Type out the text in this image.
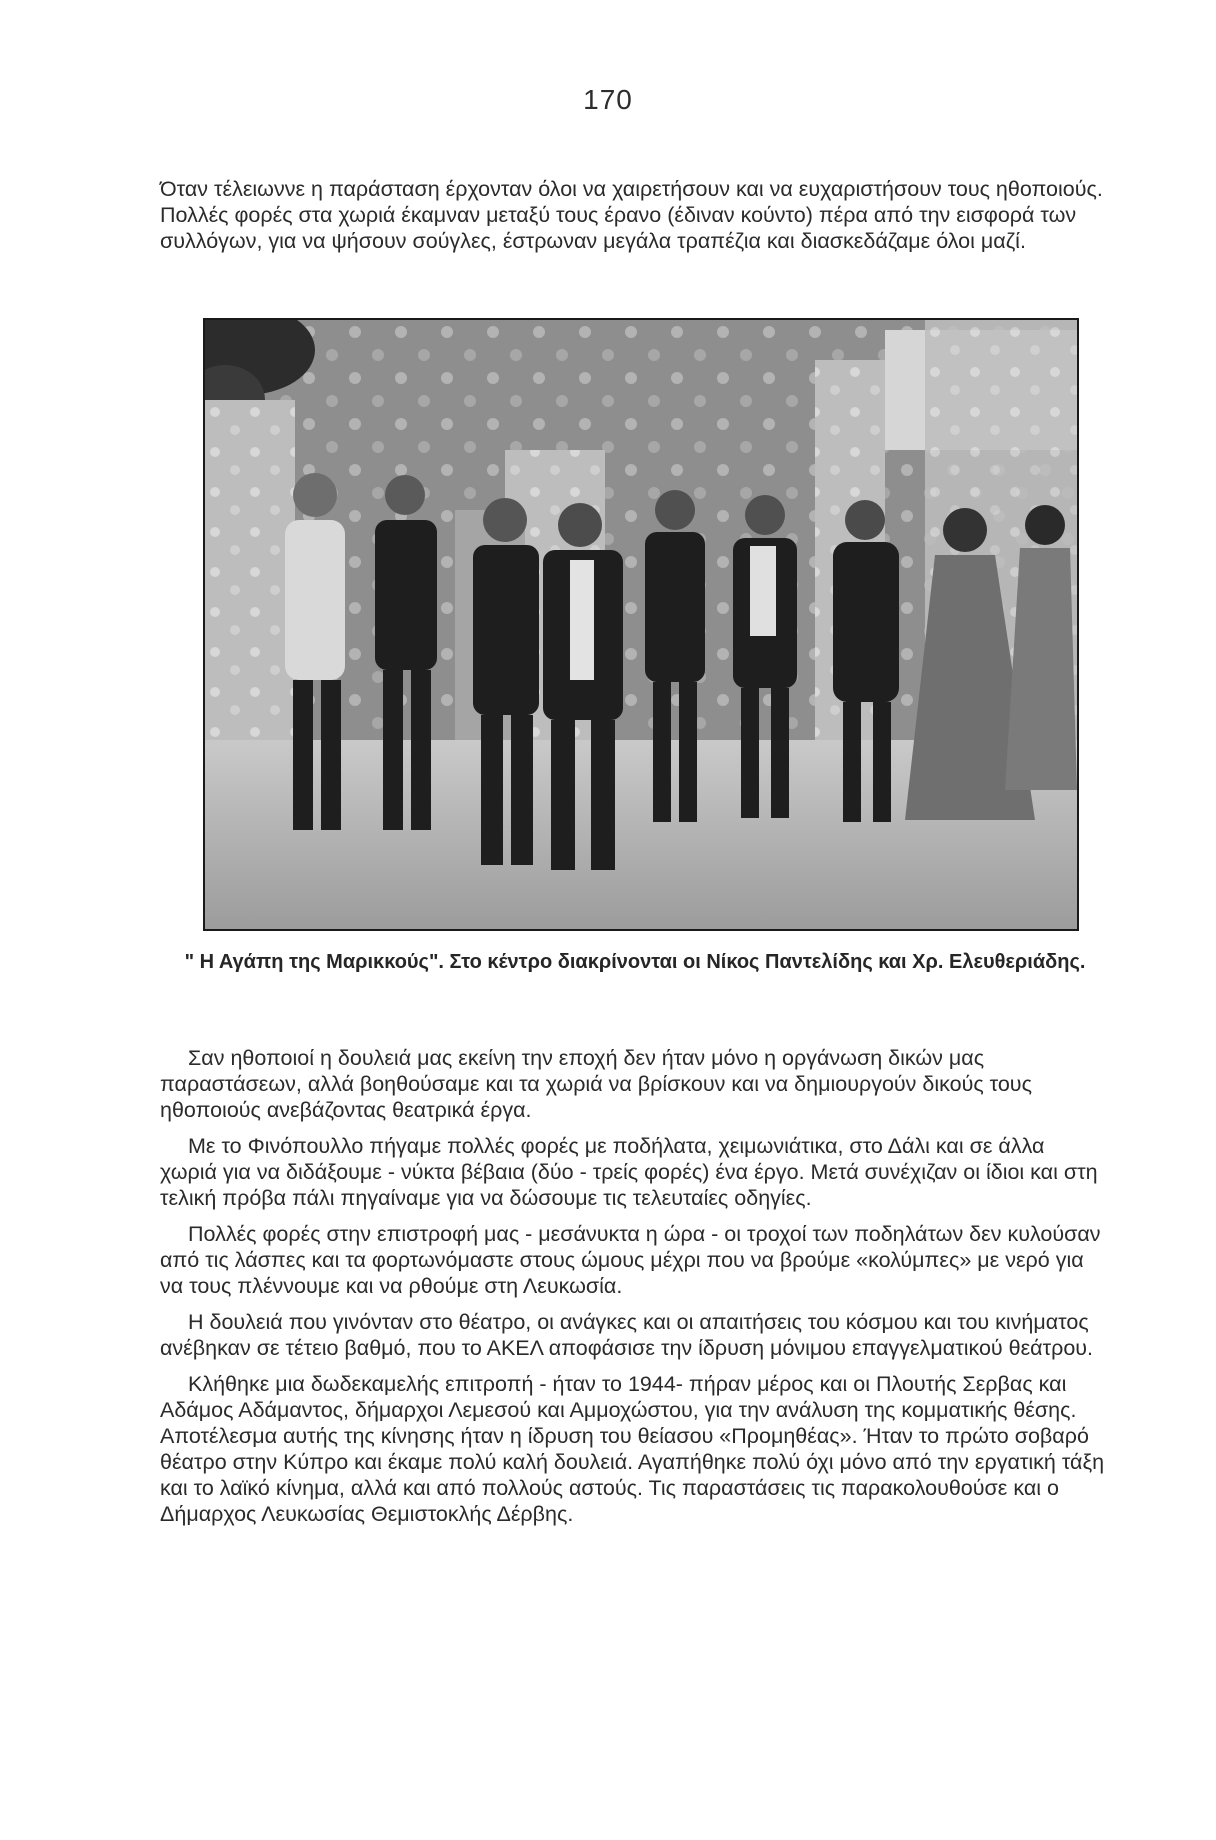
170

Όταν τέλειωννε η παράσταση έρχονταν όλοι να χαιρετήσουν και να ευχαριστήσουν τους ηθοποιούς. Πολλές φορές στα χωριά έκαμναν μεταξύ τους έρανο (έδιναν κούντο) πέρα από την εισφορά των συλλόγων, για να ψήσουν σούγλες, έστρωναν μεγάλα τραπέζια και διασκεδάζαμε όλοι μαζί.

" Η Αγάπη της Μαρικκούς". Στο κέντρο διακρίνονται οι Νίκος Παντελίδης και Χρ. Ελευθεριάδης.

Σαν ηθοποιοί η δουλειά μας εκείνη την εποχή δεν ήταν μόνο η οργάνωση δικών μας παραστάσεων, αλλά βοηθούσαμε και τα χωριά να βρίσκουν και να δημιουργούν δικούς τους ηθοποιούς ανεβάζοντας θεατρικά έργα.

Με το Φινόπουλλο πήγαμε πολλές φορές με ποδήλατα, χειμωνιάτικα, στο Δάλι και σε άλλα χωριά για να διδάξουμε - νύκτα βέβαια (δύο - τρείς φορές) ένα έργο. Μετά συνέχιζαν οι ίδιοι και στη τελική πρόβα πάλι πηγαίναμε για να δώσουμε τις τελευταίες οδηγίες.

Πολλές φορές στην επιστροφή μας - μεσάνυκτα η ώρα - οι τροχοί των ποδηλάτων δεν κυλούσαν από τις λάσπες και τα φορτωνόμαστε στους ώμους μέχρι που να βρούμε «κολύμπες» με νερό για να τους πλέννουμε και να ρθούμε στη Λευκωσία.

Η δουλειά που γινόνταν στο θέατρο, οι ανάγκες και οι απαιτήσεις του κόσμου και του κινήματος ανέβηκαν σε τέτειο βαθμό, που το ΑΚΕΛ αποφάσισε την ίδρυση μόνιμου επαγγελματικού θεάτρου.

Κλήθηκε μια δωδεκαμελής επιτροπή - ήταν το 1944- πήραν μέρος και οι Πλουτής Σερβας και Αδάμος Αδάμαντος, δήμαρχοι Λεμεσού και Αμμοχώστου, για την ανάλυση της κομματικής θέσης. Αποτέλεσμα αυτής της κίνησης ήταν η ίδρυση του θείασου «Προμηθέας». Ήταν το πρώτο σοβαρό θέατρο στην Κύπρο και έκαμε πολύ καλή δουλειά. Αγαπήθηκε πολύ όχι μόνο από την εργατική τάξη και το λαϊκό κίνημα, αλλά και από πολλούς αστούς. Τις παραστάσεις τις παρακολουθούσε και ο Δήμαρχος Λευκωσίας Θεμιστοκλής Δέρβης.
